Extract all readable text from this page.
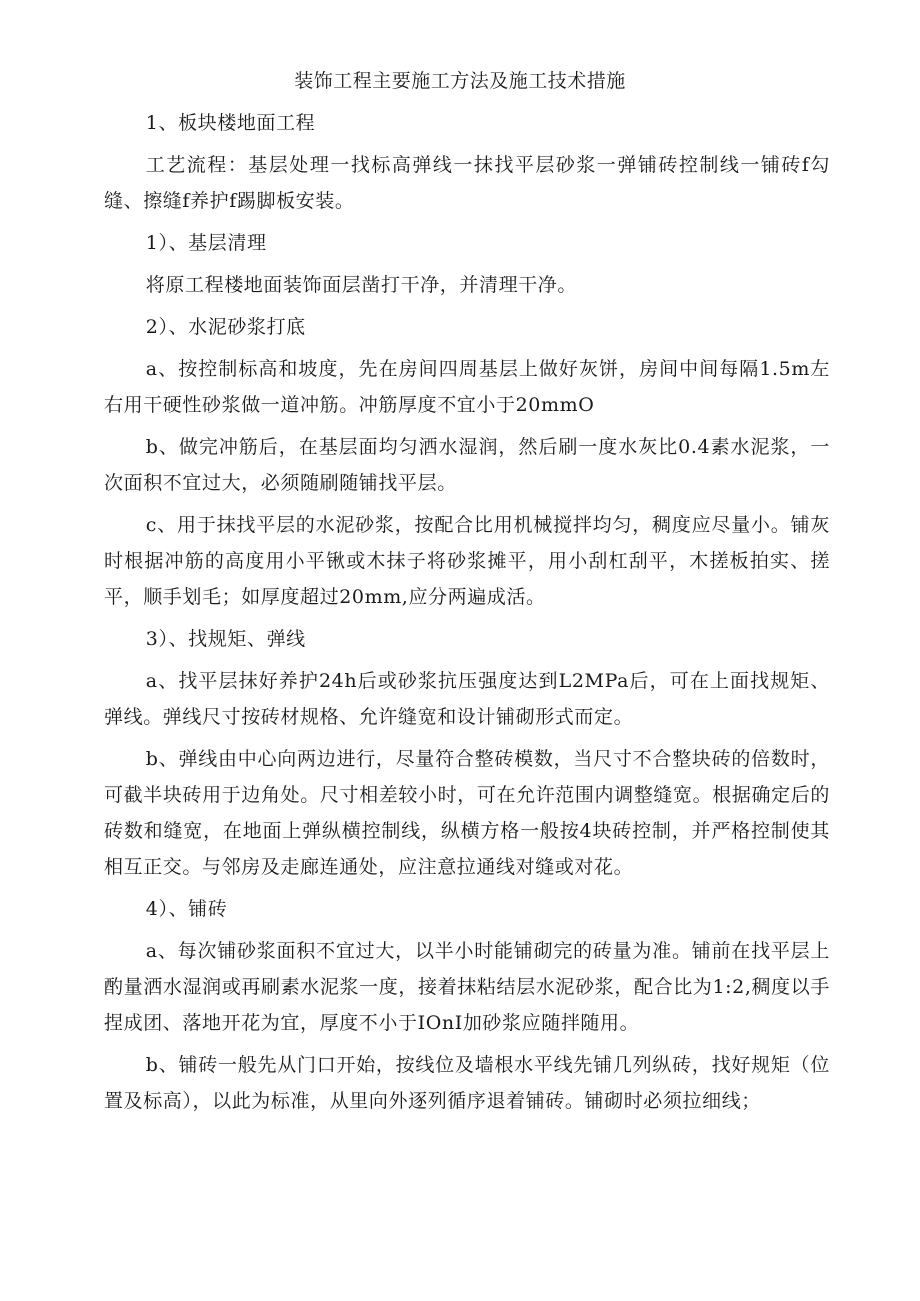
装饰工程主要施工方法及施工技术措施

1、板块楼地面工程

工艺流程：基层处理一找标高弹线一抹找平层砂浆一弹铺砖控制线一铺砖f勾缝、擦缝f养护f踢脚板安装。

1）、基层清理

将原工程楼地面装饰面层凿打干净，并清理干净。

2）、水泥砂浆打底

a、按控制标高和坡度，先在房间四周基层上做好灰饼，房间中间每隔1.5m左右用干硬性砂浆做一道冲筋。冲筋厚度不宜小于20mmO

b、做完冲筋后，在基层面均匀洒水湿润，然后刷一度水灰比0.4素水泥浆，一次面积不宜过大，必须随刷随铺找平层。

c、用于抹找平层的水泥砂浆，按配合比用机械搅拌均匀，稠度应尽量小。铺灰时根据冲筋的高度用小平锹或木抹子将砂浆摊平，用小刮杠刮平，木搓板拍实、搓平，顺手划毛；如厚度超过20mm,应分两遍成活。

3）、找规矩、弹线

a、找平层抹好养护24h后或砂浆抗压强度达到L2MPa后，可在上面找规矩、弹线。弹线尺寸按砖材规格、允许缝宽和设计铺砌形式而定。

b、弹线由中心向两边进行，尽量符合整砖模数，当尺寸不合整块砖的倍数时，可截半块砖用于边角处。尺寸相差较小时，可在允许范围内调整缝宽。根据确定后的砖数和缝宽，在地面上弹纵横控制线，纵横方格一般按4块砖控制，并严格控制使其相互正交。与邻房及走廊连通处，应注意拉通线对缝或对花。

4）、铺砖

a、每次铺砂浆面积不宜过大，以半小时能铺砌完的砖量为准。铺前在找平层上酌量洒水湿润或再刷素水泥浆一度，接着抹粘结层水泥砂浆，配合比为1:2,稠度以手捏成团、落地开花为宜，厚度不小于IOnI加砂浆应随拌随用。

b、铺砖一般先从门口开始，按线位及墙根水平线先铺几列纵砖，找好规矩（位置及标高），以此为标准，从里向外逐列循序退着铺砖。铺砌时必须拉细线；
